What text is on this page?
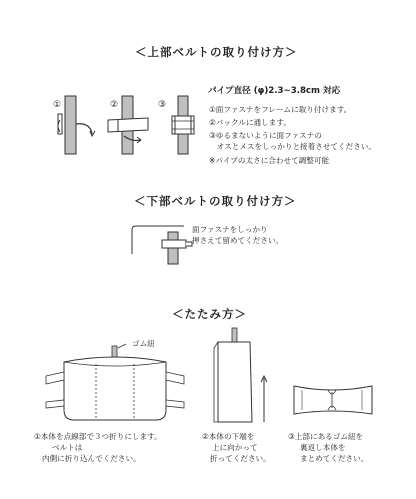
＜上部ベルトの取り付け方＞
①	②	③
パイプ直径 (φ)2.3~3.8cm 対応
①面ファスナをフレームに取り付けます。
②バックルに通します。
③ゆるまないように面ファスナの
　オスとメスをしっかりと接着させてください。
※パイプの太さに合わせて調整可能
＜下部ベルトの取り付け方＞
面ファスナをしっかり
押さえて留めてください。
＜たたみ方＞
ゴム紐
①本体を点線部で３つ折りにします。
ベルトは
内側に折り込んでください。
②本体の下端を
上に向かって
折ってください。
③上部にあるゴム紐を
裏返し本体を
まとめてください。
